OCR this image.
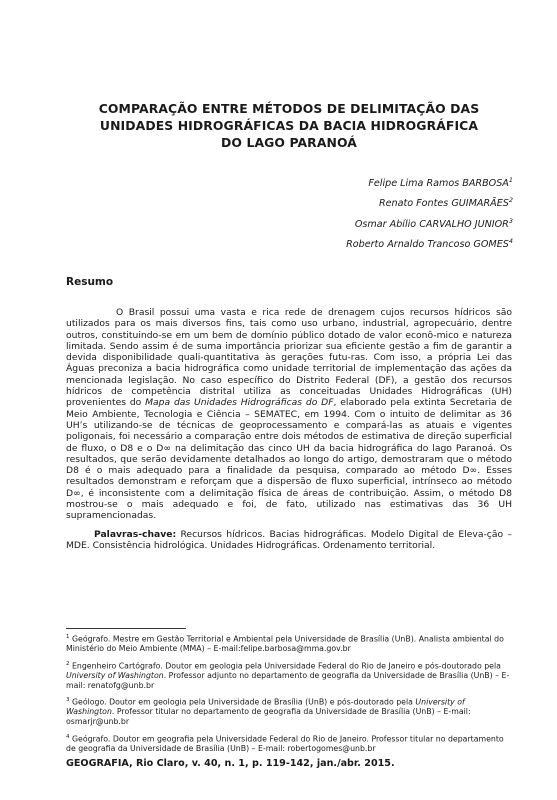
COMPARAÇÃO ENTRE MÉTODOS DE DELIMITAÇÃO DAS
UNIDADES HIDROGRÁFICAS DA BACIA HIDROGRÁFICA
DO LAGO PARANOÁ
Felipe Lima Ramos BARBOSA$^1$
Renato Fontes GUIMARÃES$^2$
Osmar Abílio CARVALHO JUNIOR$^3$
Roberto Arnaldo Trancoso GOMES$^4$
Resumo

O Brasil possui uma vasta e rica rede de drenagem cujos recursos hídricos são utilizados para os mais diversos fins, tais como uso urbano, industrial, agropecuário, dentre outros, constituindo-se em um bem de domínio público dotado de valor econô-mico e natureza limitada. Sendo assim é de suma importância priorizar sua eficiente gestão a fim de garantir a devida disponibilidade quali-quantitativa às gerações futu-ras. Com isso, a própria Lei das Águas preconiza a bacia hidrográfica como unidade territorial de implementação das ações da mencionada legislação. No caso específico do Distrito Federal (DF), a gestão dos recursos hídricos de competência distrital utiliza as conceituadas Unidades Hidrográficas (UH) provenientes do Mapa das Unidades Hidrográficas do DF, elaborado pela extinta Secretaria de Meio Ambiente, Tecnologia e Ciência – SEMATEC, em 1994. Com o intuito de delimitar as 36 UH’s utilizando-se de técnicas de geoprocessamento e compará-las as atuais e vigentes poligonais, foi necessário a comparação entre dois métodos de estimativa de direção superficial de fluxo, o D8 e o D∞ na delimitação das cinco UH da bacia hidrográfica do lago Paranoá. Os resultados, que serão devidamente detalhados ao longo do artigo, demostraram que o método D8 é o mais adequado para a finalidade da pesquisa, comparado ao método D∞. Esses resultados demonstram e reforçam que a dispersão de fluxo superficial, intrínseco ao método D∞, é inconsistente com a delimitação física de áreas de contribuição. Assim, o método D8 mostrou-se o mais adequado e foi, de fato, utilizado nas estimativas das 36 UH supramencionadas.

Palavras-chave: Recursos hídricos. Bacias hidrográficas. Modelo Digital de Eleva-ção – MDE. Consistência hidrológica. Unidades Hidrográficas. Ordenamento territorial.

$^1$ Geógrafo. Mestre em Gestão Territorial e Ambiental pela Universidade de Brasília (UnB). Analista ambiental do Ministério do Meio Ambiente (MMA) – E-mail:felipe.barbosa@mma.gov.br

$^2$ Engenheiro Cartógrafo. Doutor em geologia pela Universidade Federal do Rio de Janeiro e pós-doutorado pela University of Washington. Professor adjunto no departamento de geografia da Universidade de Brasília (UnB) – E-mail: renatofg@unb.br

$^3$ Geólogo. Doutor em geologia pela Universidade de Brasília (UnB) e pós-doutorado pela University of Washington. Professor titular no departamento de geografia da Universidade de Brasília (UnB) – E-mail: osmarjr@unb.br

$^4$ Geógrafo. Doutor em geografia pela Universidade Federal do Rio de Janeiro. Professor titular no departamento de geografia da Universidade de Brasília (UnB) – E-mail: robertogomes@unb.br

GEOGRAFIA, Rio Claro, v. 40, n. 1, p. 119-142, jan./abr. 2015.
